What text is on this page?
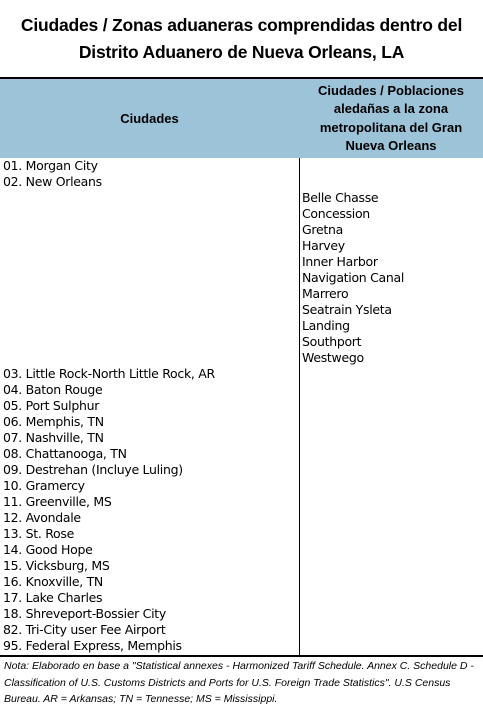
Ciudades / Zonas aduaneras comprendidas dentro del Distrito Aduanero de Nueva Orleans, LA
Ciudades
Ciudades / Poblaciones aledañas a la zona metropolitana del Gran Nueva Orleans
01. Morgan City
02. New Orleans
Belle Chasse
Concession
Gretna
Harvey
Inner Harbor
Navigation Canal
Marrero
Seatrain Ysleta
Landing
Southport
Westwego
03. Little Rock-North Little Rock, AR
04. Baton Rouge
05. Port Sulphur
06. Memphis, TN
07. Nashville, TN
08. Chattanooga, TN
09. Destrehan (Incluye Luling)
10. Gramercy
11. Greenville, MS
12. Avondale
13. St. Rose
14. Good Hope
15. Vicksburg, MS
16. Knoxville, TN
17. Lake Charles
18. Shreveport-Bossier City
82. Tri-City user Fee Airport
95. Federal Express, Memphis

Nota: Elaborado en base a "Statistical annexes - Harmonized Tariff Schedule. Annex C. Schedule D - Classification of U.S. Customs Districts and Ports for U.S. Foreign Trade Statistics". U.S Census Bureau. AR = Arkansas; TN = Tennesse; MS = Mississippi.
